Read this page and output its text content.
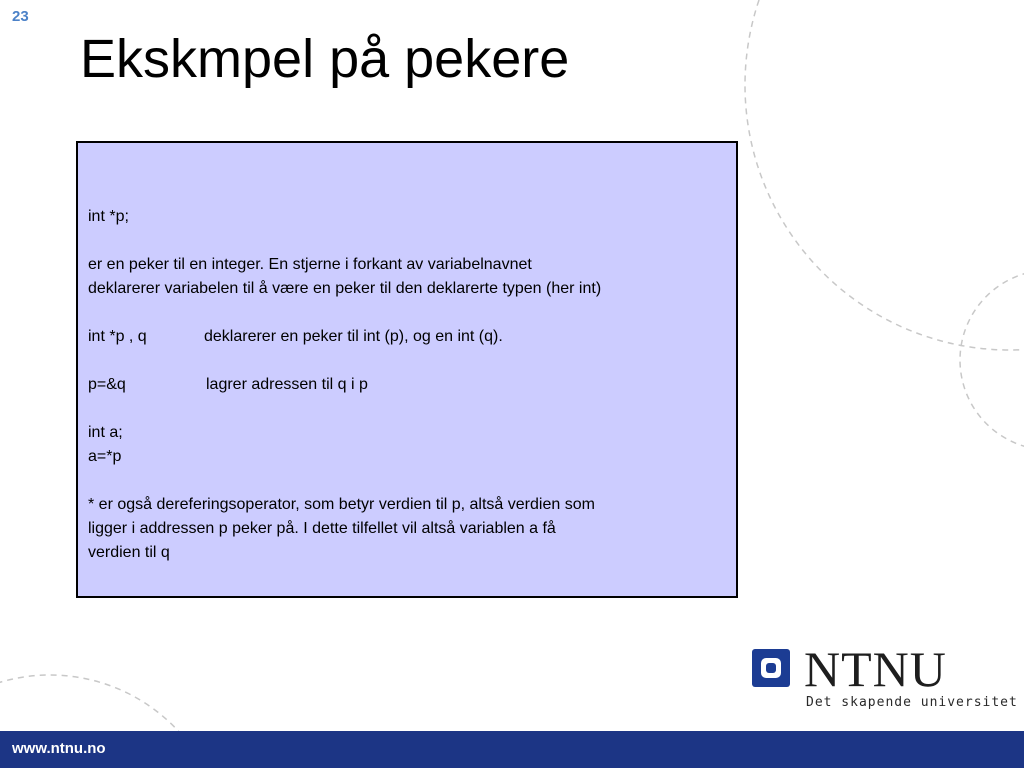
23
Ekskmpel på pekere

int *p;

er en peker til en integer. En stjerne i forkant av variabelnavnet

deklarerer variabelen til å være en peker til den deklarerte typen (her int)

int *p , q	deklarerer en peker til int (p), og en int (q).
p=&q	lagrer adressen til q i p

int a;

a=*p

* er også dereferingsoperator, som betyr verdien til p, altså verdien som

ligger i addressen p peker på. I dette tilfellet vil altså variablen a få

verdien til q

NTNU
Det skapende universitet
www.ntnu.no
